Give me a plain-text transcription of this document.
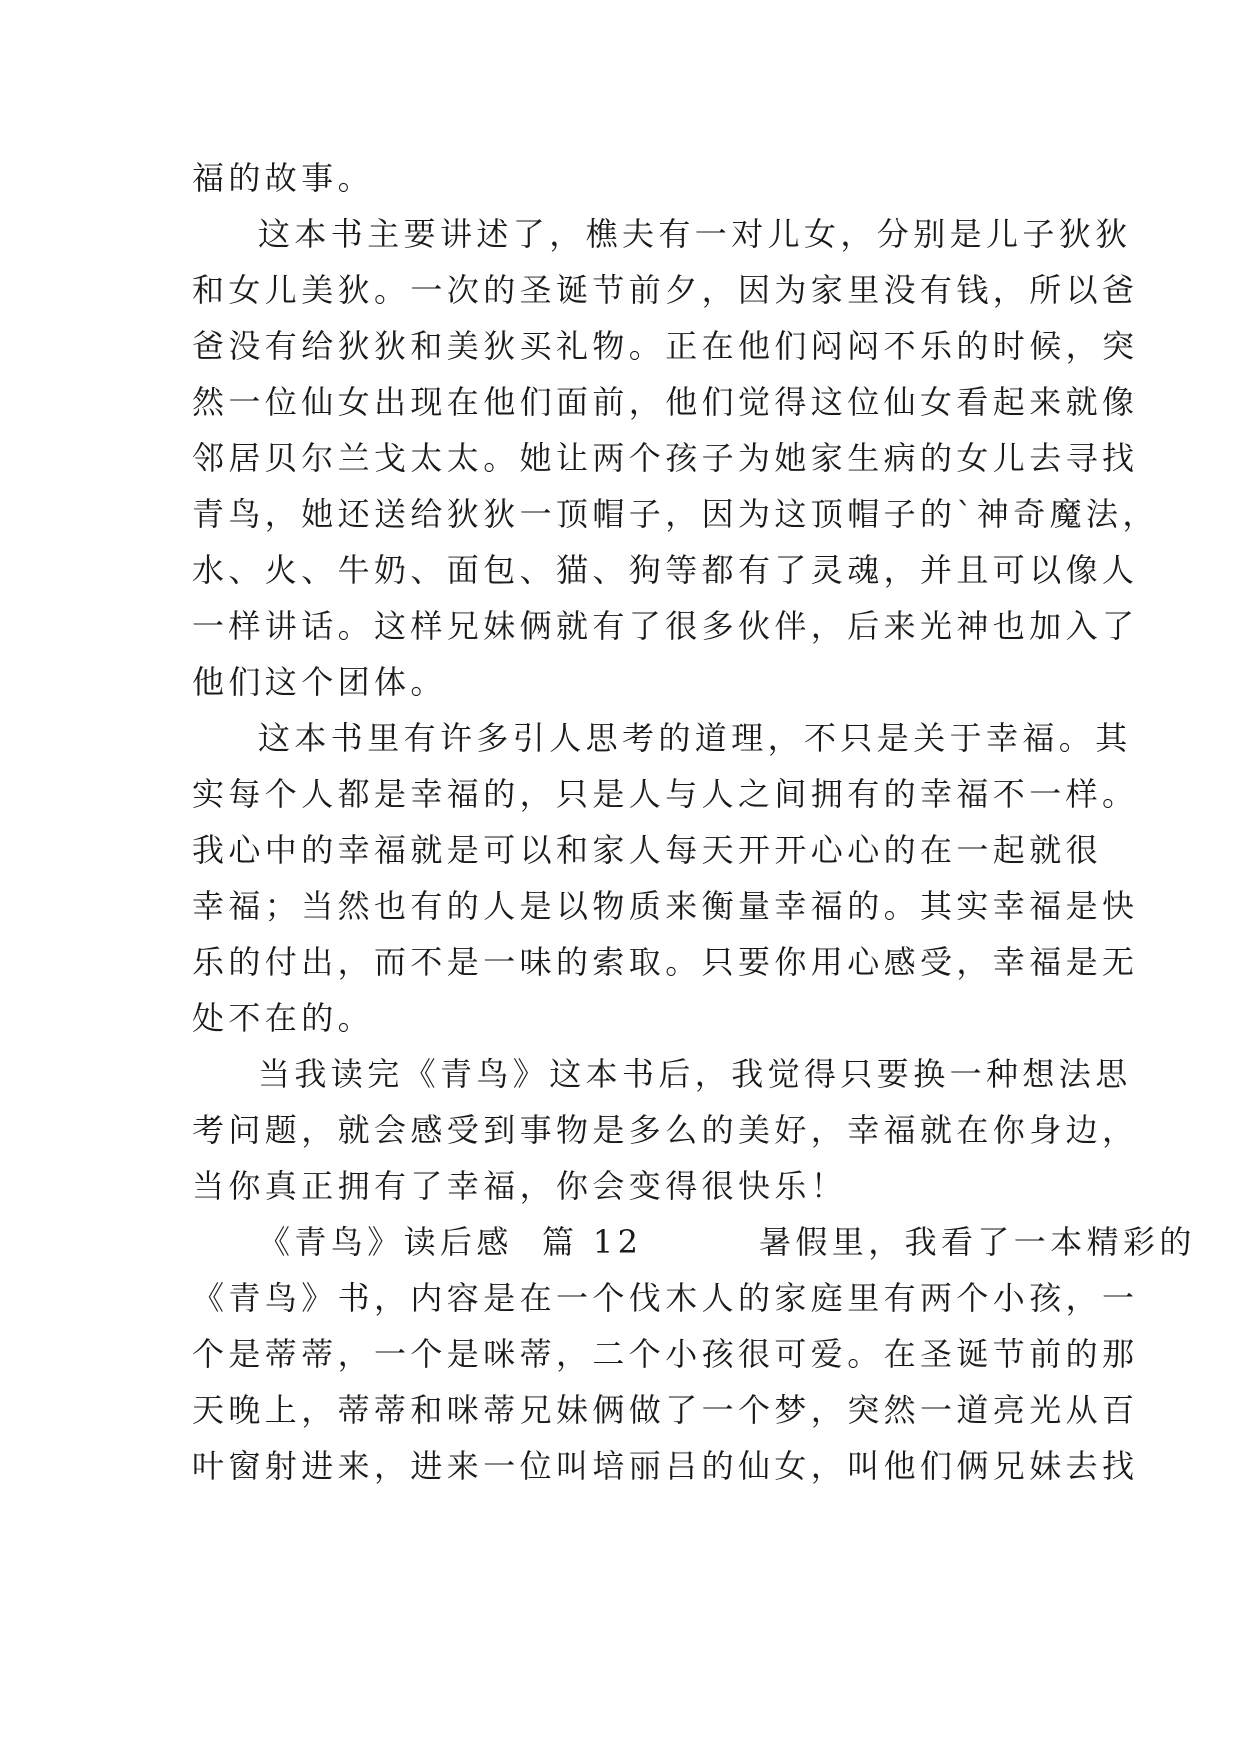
福的故事。
这本书主要讲述了，樵夫有一对儿女，分别是儿子狄狄
和女儿美狄。一次的圣诞节前夕，因为家里没有钱，所以爸
爸没有给狄狄和美狄买礼物。正在他们闷闷不乐的时候，突
然一位仙女出现在他们面前，他们觉得这位仙女看起来就像
邻居贝尔兰戈太太。她让两个孩子为她家生病的女儿去寻找
青鸟，她还送给狄狄一顶帽子，因为这顶帽子的`神奇魔法，
水、火、牛奶、面包、猫、狗等都有了灵魂，并且可以像人
一样讲话。这样兄妹俩就有了很多伙伴，后来光神也加入了
他们这个团体。
这本书里有许多引人思考的道理，不只是关于幸福。其
实每个人都是幸福的，只是人与人之间拥有的幸福不一样。
我心中的幸福就是可以和家人每天开开心心的在一起就很
幸福；当然也有的人是以物质来衡量幸福的。其实幸福是快
乐的付出，而不是一味的索取。只要你用心感受，幸福是无
处不在的。
当我读完《青鸟》这本书后，我觉得只要换一种想法思
考问题，就会感受到事物是多么的美好，幸福就在你身边，
当你真正拥有了幸福，你会变得很快乐！
《青鸟》读后感  篇 12        暑假里，我看了一本精彩的
《青鸟》书，内容是在一个伐木人的家庭里有两个小孩，一
个是蒂蒂，一个是咪蒂，二个小孩很可爱。在圣诞节前的那
天晚上，蒂蒂和咪蒂兄妹俩做了一个梦，突然一道亮光从百
叶窗射进来，进来一位叫培丽吕的仙女，叫他们俩兄妹去找
